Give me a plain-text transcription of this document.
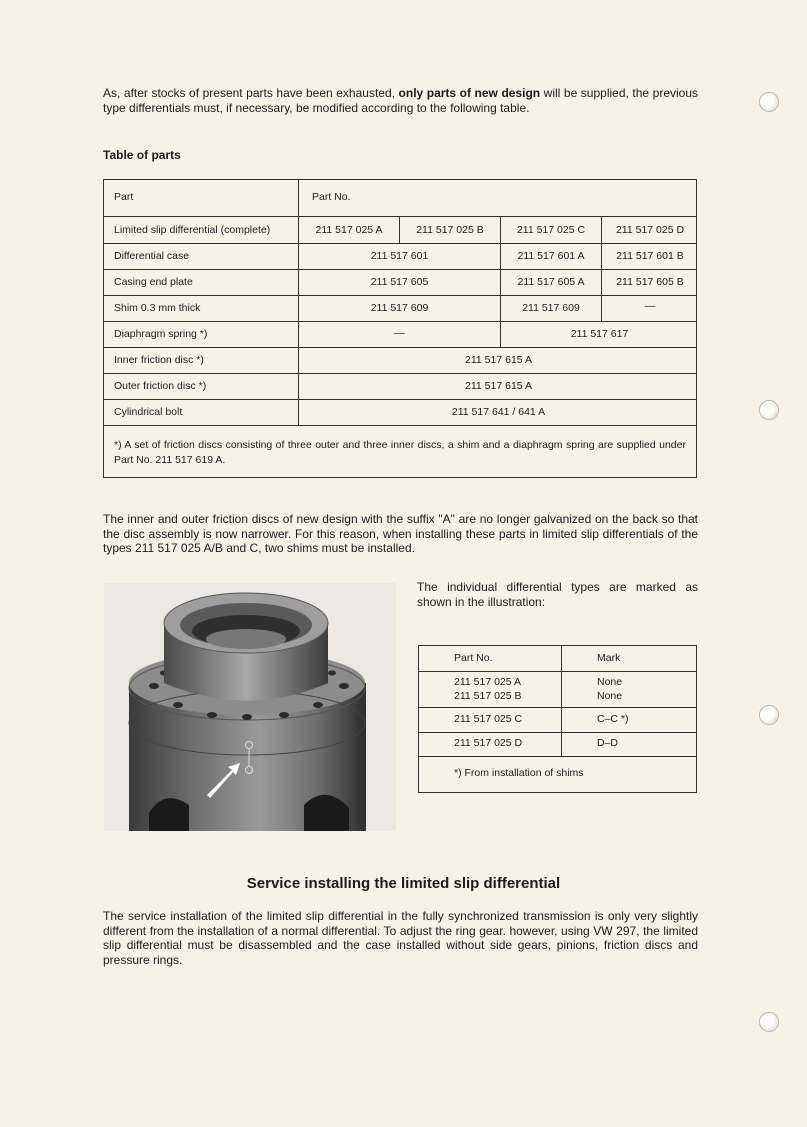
As, after stocks of present parts have been exhausted, only parts of new design will be supplied, the previous type differentials must, if necessary, be modified according to the following table.

Table of parts

Part	Part No.
Limited slip differential (complete)	211 517 025 A	211 517 025 B	211 517 025 C	211 517 025 D
Differential case	211 517 601	211 517 601 A	211 517 601 B
Casing end plate	211 517 605	211 517 605 A	211 517 605 B
Shim 0.3 mm thick	211 517 609	211 517 609	—
Diaphragm spring *)	—	211 517 617
Inner friction disc *)	211 517 615 A
Outer friction disc *)	211 517 615 A
Cylindrical bolt	211 517 641 / 641 A
*) A set of friction discs consisting of three outer and three inner discs, a shim and a diaphragm spring are supplied under Part No. 211 517 619 A.

The inner and outer friction discs of new design with the suffix "A" are no longer galvanized on the back so that the disc assembly is now narrower. For this reason, when installing these parts in limited slip differentials of the types 211 517 025 A/B and C, two shims must be installed.

The individual differential types are marked as shown in the illustration:

Part No.	Mark
211 517 025 A	None
211 517 025 B	None
211 517 025 C	C–C *)
211 517 025 D	D–D
*) From installation of shims

Service installing the limited slip differential

The service installation of the limited slip differential in the fully synchronized transmission is only very slightly different from the installation of a normal differential. To adjust the ring gear. however, using VW 297, the limited slip differential must be disassembled and the case installed without side gears, pinions, friction discs and pressure rings.
